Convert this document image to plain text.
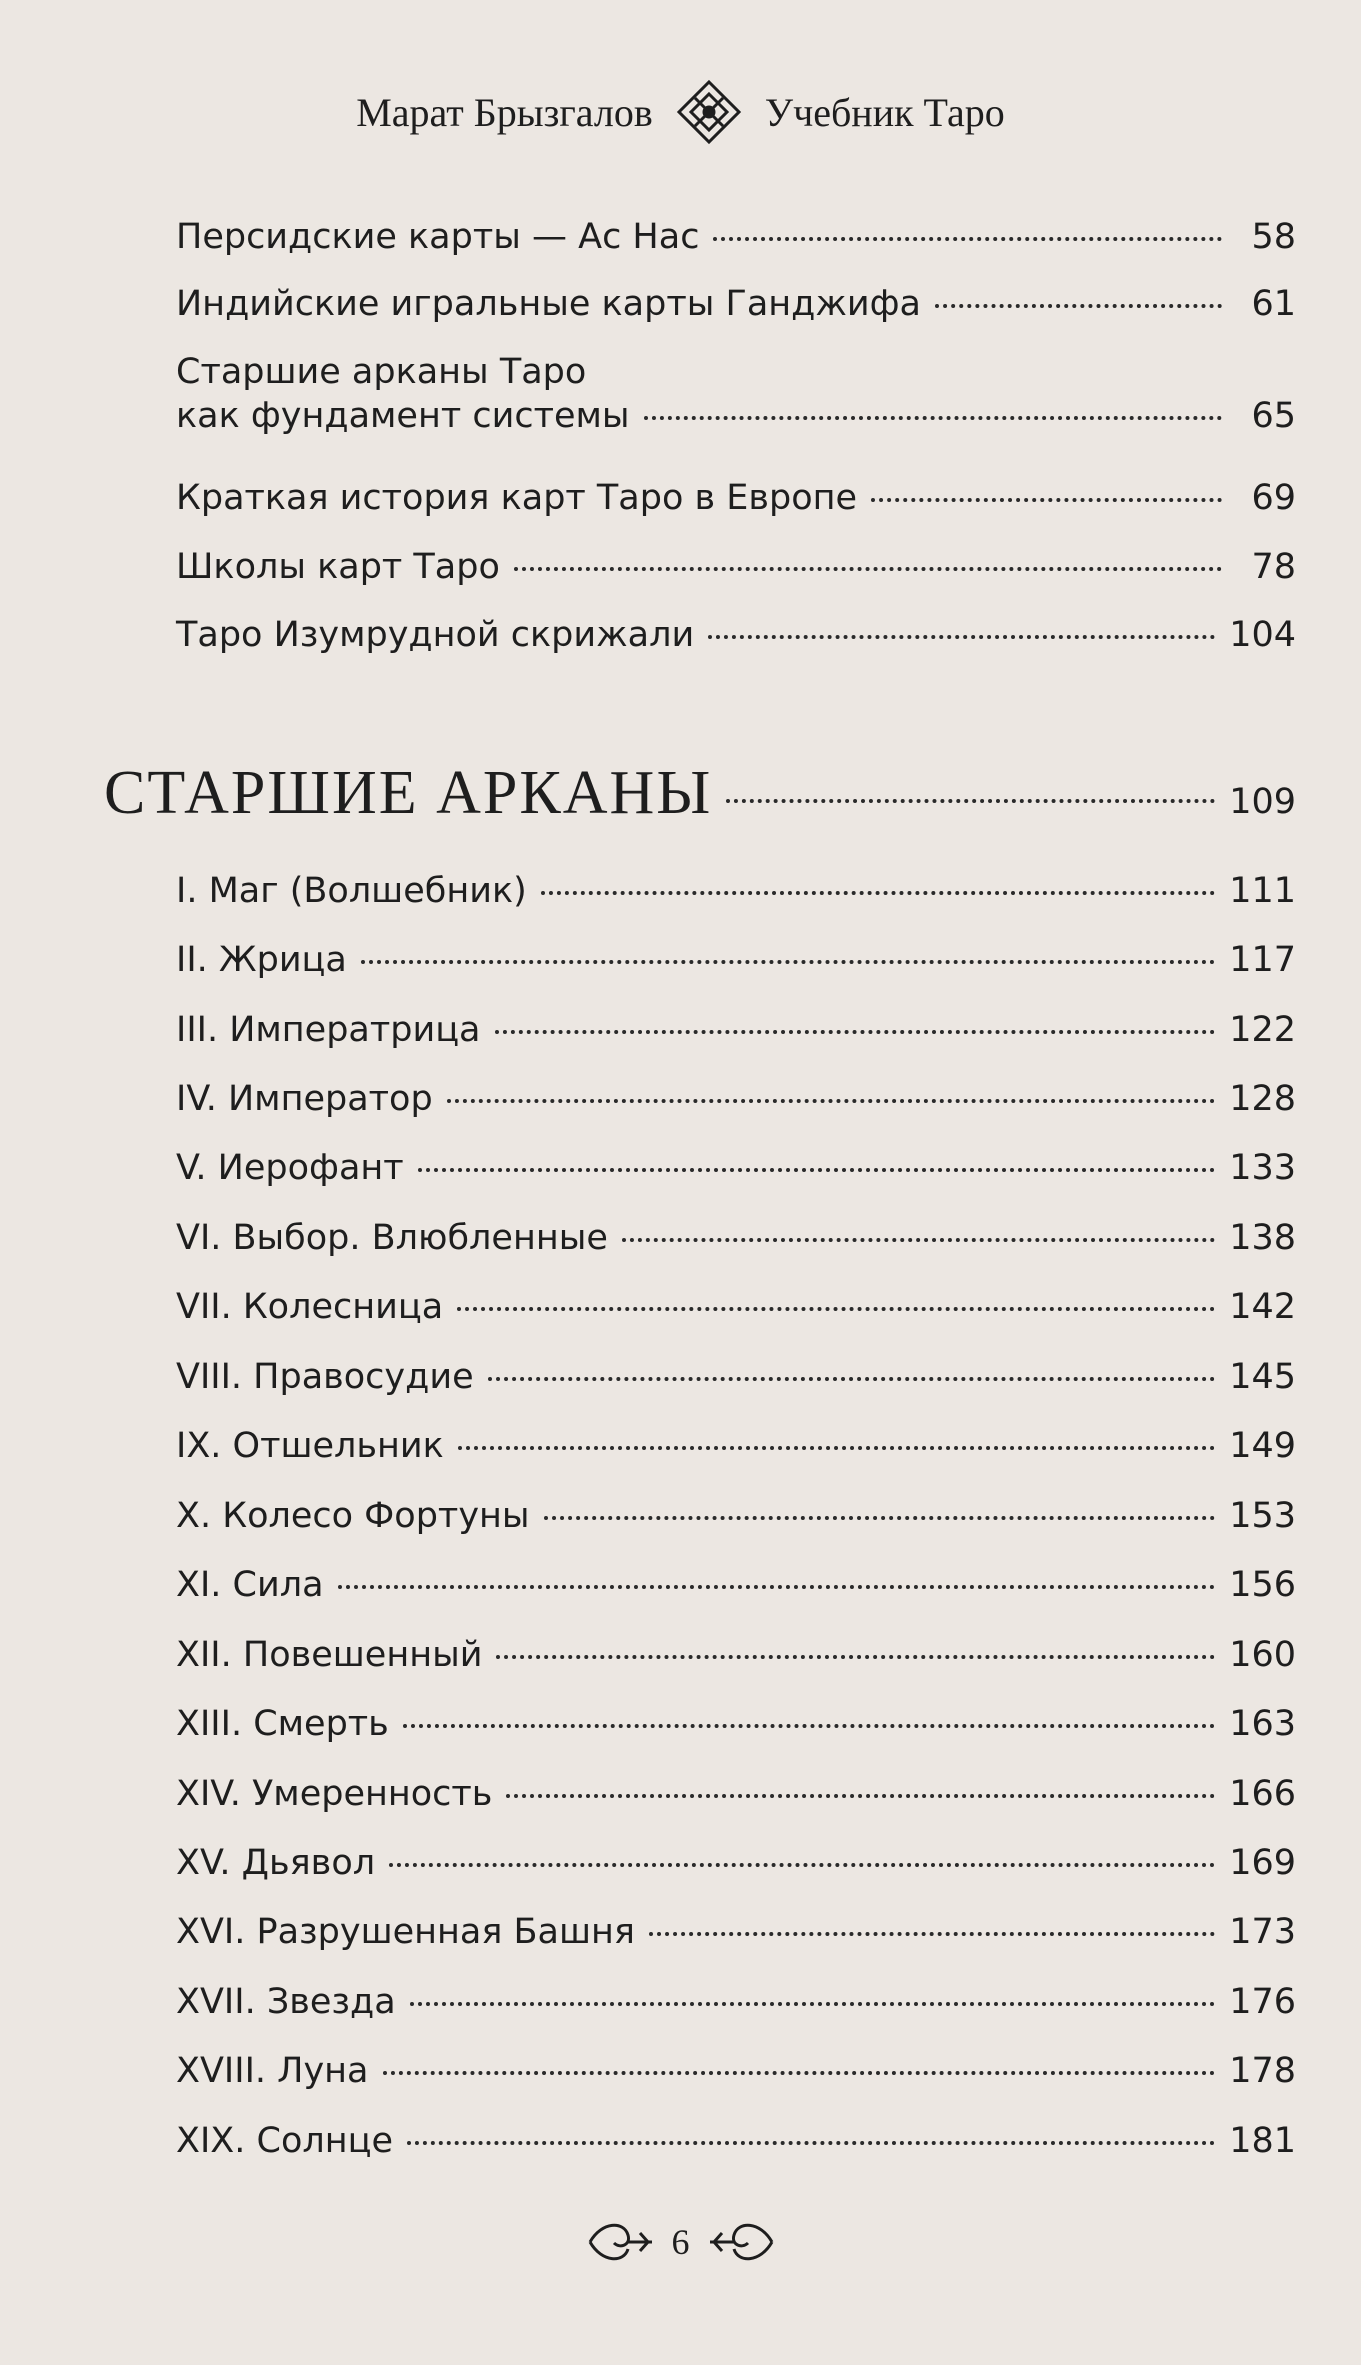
Марат Брызгалов	Учебник Таро
Персидские карты — Ас Нас	58
Индийские игральные карты Ганджифа	61
Старшие арканы Таро
как фундамент системы	65
Краткая история карт Таро в Европе	69
Школы карт Таро	78
Таро Изумрудной скрижали	104
СТАРШИЕ АРКАНЫ	109
I. Маг (Волшебник)	111
II. Жрица	117
III. Императрица	122
IV. Император	128
V. Иерофант	133
VI. Выбор. Влюбленные	138
VII. Колесница	142
VIII. Правосудие	145
IX. Отшельник	149
X. Колесо Фортуны	153
XI. Сила	156
XII. Повешенный	160
XIII. Смерть	163
XIV. Умеренность	166
XV. Дьявол	169
XVI. Разрушенная Башня	173
XVII. Звезда	176
XVIII. Луна	178
XIX. Солнце	181
6
